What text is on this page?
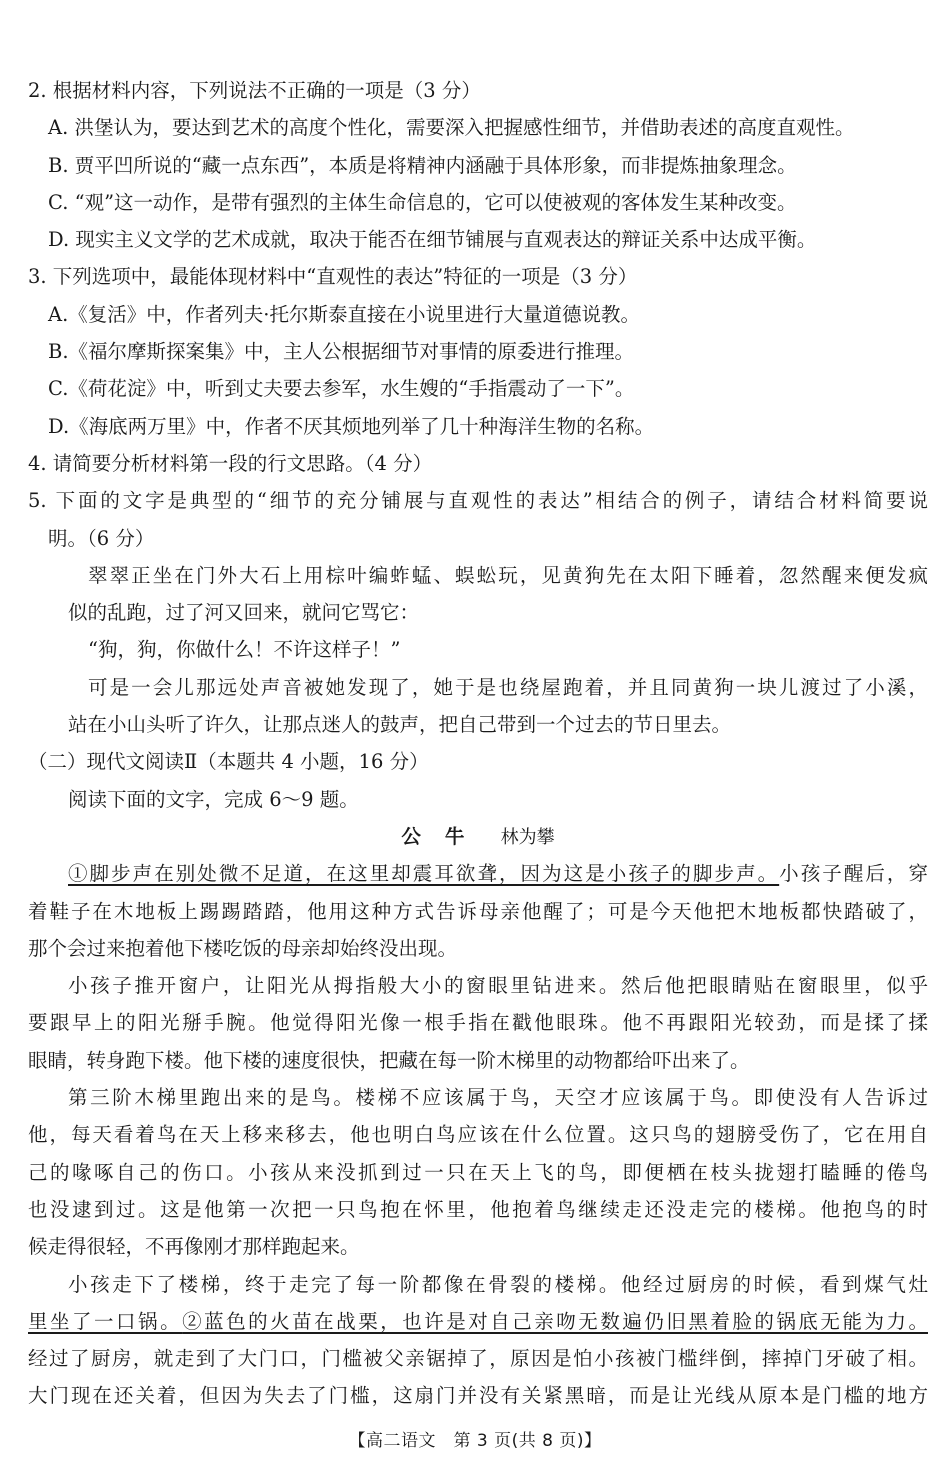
2. 根据材料内容，下列说法不正确的一项是（3 分）
A. 洪堡认为，要达到艺术的高度个性化，需要深入把握感性细节，并借助表述的高度直观性。
B. 贾平凹所说的“藏一点东西”，本质是将精神内涵融于具体形象，而非提炼抽象理念。
C. “观”这一动作，是带有强烈的主体生命信息的，它可以使被观的客体发生某种改变。
D. 现实主义文学的艺术成就，取决于能否在细节铺展与直观表达的辩证关系中达成平衡。
3. 下列选项中，最能体现材料中“直观性的表达”特征的一项是（3 分）
A.《复活》中，作者列夫·托尔斯泰直接在小说里进行大量道德说教。
B.《福尔摩斯探案集》中，主人公根据细节对事情的原委进行推理。
C.《荷花淀》中，听到丈夫要去参军，水生嫂的“手指震动了一下”。
D.《海底两万里》中，作者不厌其烦地列举了几十种海洋生物的名称。
4. 请简要分析材料第一段的行文思路。（4 分）
5. 下面的文字是典型的“细节的充分铺展与直观性的表达”相结合的例子，请结合材料简要说
明。（6 分）
翠翠正坐在门外大石上用棕叶编蚱蜢、蜈蚣玩，见黄狗先在太阳下睡着，忽然醒来便发疯
似的乱跑，过了河又回来，就问它骂它：
“狗，狗，你做什么！不许这样子！”
可是一会儿那远处声音被她发现了，她于是也绕屋跑着，并且同黄狗一块儿渡过了小溪，
站在小山头听了许久，让那点迷人的鼓声，把自己带到一个过去的节日里去。
（二）现代文阅读Ⅱ（本题共 4 小题，16 分）
阅读下面的文字，完成 6～9 题。
公牛 林为攀
①脚步声在别处微不足道，在这里却震耳欲聋，因为这是小孩子的脚步声。小孩子醒后，穿
着鞋子在木地板上踢踢踏踏，他用这种方式告诉母亲他醒了；可是今天他把木地板都快踏破了，
那个会过来抱着他下楼吃饭的母亲却始终没出现。
小孩子推开窗户，让阳光从拇指般大小的窗眼里钻进来。然后他把眼睛贴在窗眼里，似乎
要跟早上的阳光掰手腕。他觉得阳光像一根手指在戳他眼珠。他不再跟阳光较劲，而是揉了揉
眼睛，转身跑下楼。他下楼的速度很快，把藏在每一阶木梯里的动物都给吓出来了。
第三阶木梯里跑出来的是鸟。楼梯不应该属于鸟，天空才应该属于鸟。即使没有人告诉过
他，每天看着鸟在天上移来移去，他也明白鸟应该在什么位置。这只鸟的翅膀受伤了，它在用自
己的喙啄自己的伤口。小孩从来没抓到过一只在天上飞的鸟，即便栖在枝头拢翅打瞌睡的倦鸟
也没逮到过。这是他第一次把一只鸟抱在怀里，他抱着鸟继续走还没走完的楼梯。他抱鸟的时
候走得很轻，不再像刚才那样跑起来。
小孩走下了楼梯，终于走完了每一阶都像在骨裂的楼梯。他经过厨房的时候，看到煤气灶
里坐了一口锅。②蓝色的火苗在战栗，也许是对自己亲吻无数遍仍旧黑着脸的锅底无能为力。
经过了厨房，就走到了大门口，门槛被父亲锯掉了，原因是怕小孩被门槛绊倒，摔掉门牙破了相。
大门现在还关着，但因为失去了门槛，这扇门并没有关紧黑暗，而是让光线从原本是门槛的地方
【高二语文　第 3 页(共 8 页)】
